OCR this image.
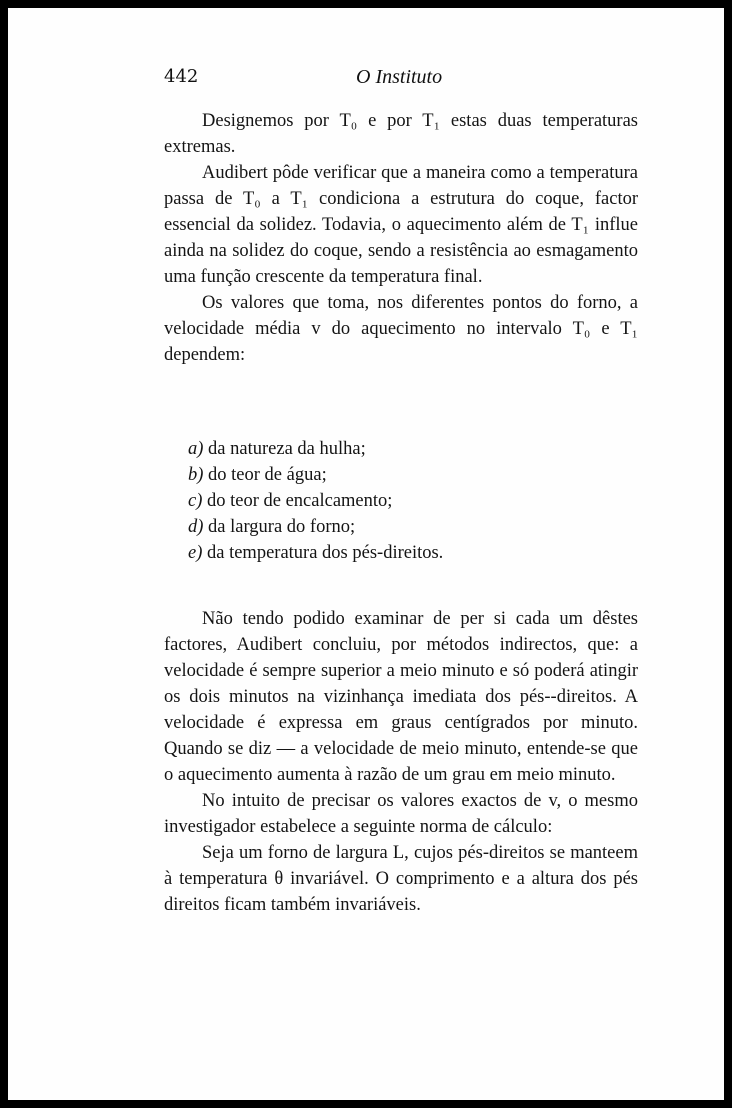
442	O Instituto

Designemos por T₀ e por T₁ estas duas temperaturas extremas.

Audibert pôde verificar que a maneira como a temperatura passa de T₀ a T₁ condiciona a estrutura do coque, factor essencial da solidez. Todavia, o aquecimento além de T₁ influe ainda na solidez do coque, sendo a resistência ao esmagamento uma função crescente da temperatura final.

Os valores que toma, nos diferentes pontos do forno, a velocidade média v do aquecimento no intervalo T₀ e T₁ dependem:

a) da natureza da hulha;
b) do teor de água;
c) do teor de encalcamento;
d) da largura do forno;
e) da temperatura dos pés-direitos.

Não tendo podido examinar de per si cada um dêstes factores, Audibert concluiu, por métodos indirectos, que: a velocidade é sempre superior a meio minuto e só poderá atingir os dois minutos na vizinhança imediata dos pés--direitos. A velocidade é expressa em graus centígrados por minuto. Quando se diz — a velocidade de meio minuto, entende-se que o aquecimento aumenta à razão de um grau em meio minuto.

No intuito de precisar os valores exactos de v, o mesmo investigador estabelece a seguinte norma de cálculo:

Seja um forno de largura L, cujos pés-direitos se manteem à temperatura θ invariável. O comprimento e a altura dos pés direitos ficam também invariáveis.
